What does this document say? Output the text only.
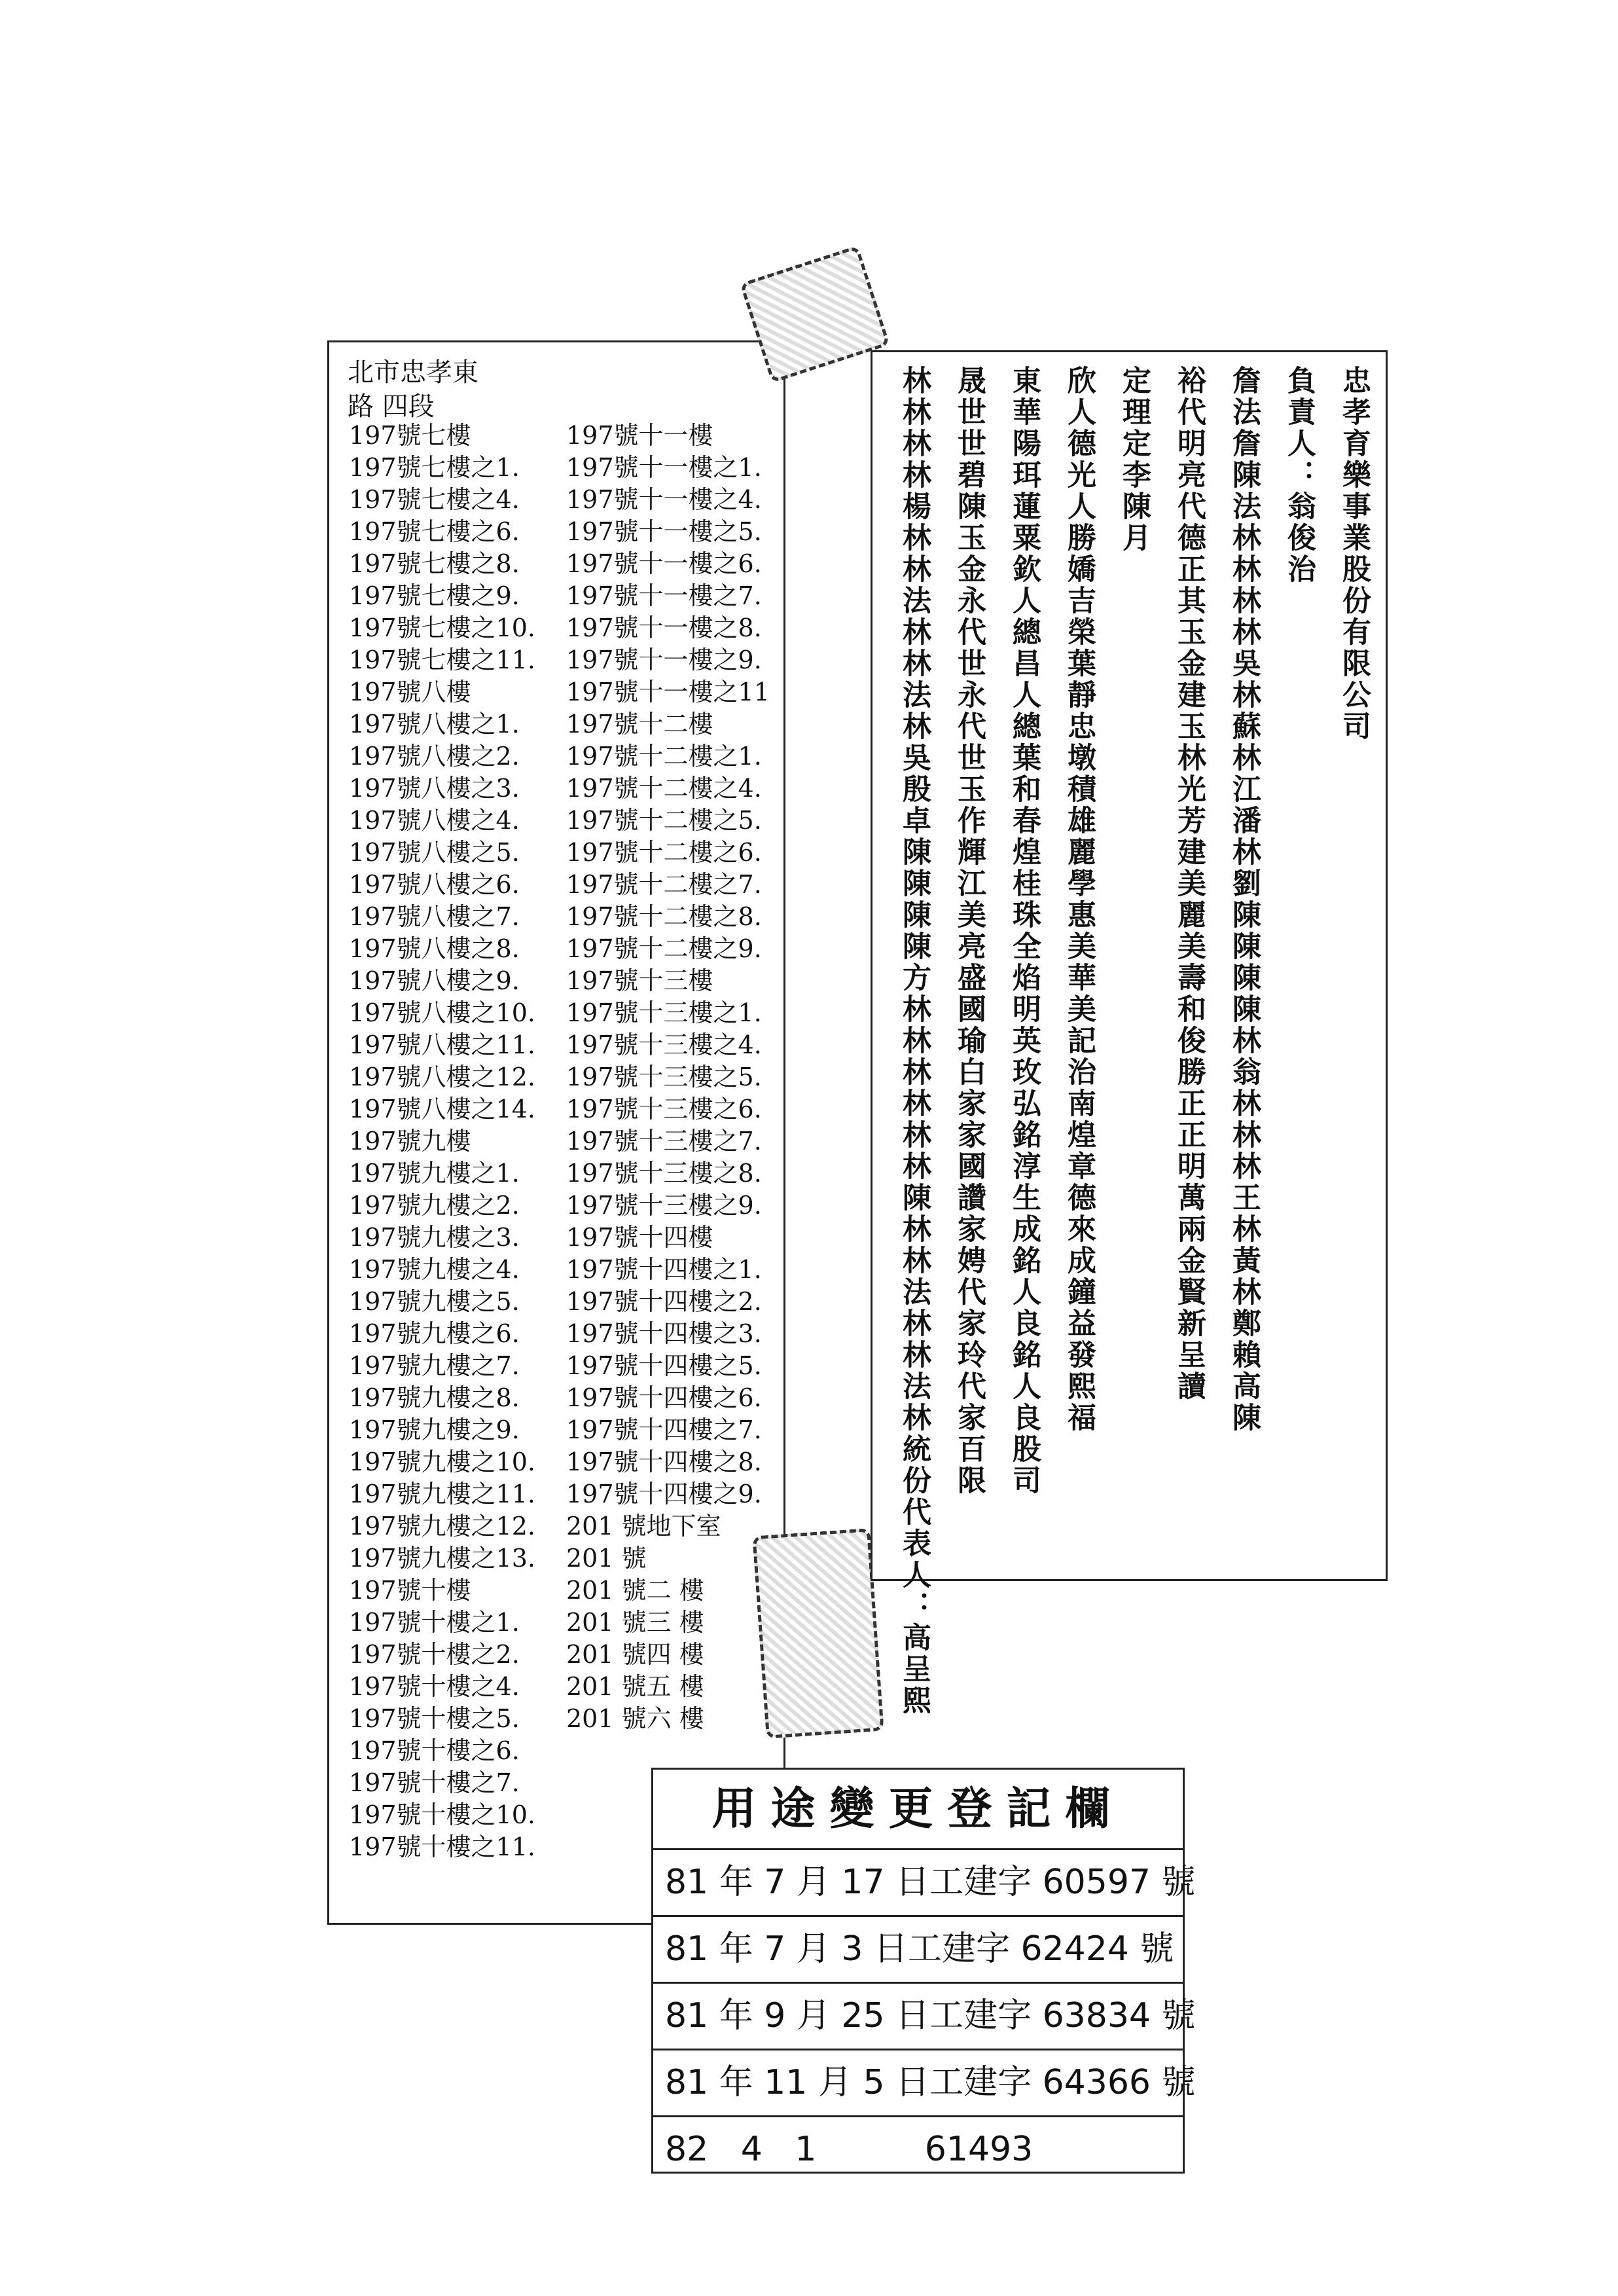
北市忠孝東
路 四段
197號七樓
197號七樓之1.
197號七樓之4.
197號七樓之6.
197號七樓之8.
197號七樓之9.
197號七樓之10.
197號七樓之11.
197號八樓
197號八樓之1.
197號八樓之2.
197號八樓之3.
197號八樓之4.
197號八樓之5.
197號八樓之6.
197號八樓之7.
197號八樓之8.
197號八樓之9.
197號八樓之10.
197號八樓之11.
197號八樓之12.
197號八樓之14.
197號九樓
197號九樓之1.
197號九樓之2.
197號九樓之3.
197號九樓之4.
197號九樓之5.
197號九樓之6.
197號九樓之7.
197號九樓之8.
197號九樓之9.
197號九樓之10.
197號九樓之11.
197號九樓之12.
197號九樓之13.
197號十樓
197號十樓之1.
197號十樓之2.
197號十樓之4.
197號十樓之5.
197號十樓之6.
197號十樓之7.
197號十樓之10.
197號十樓之11.
197號十一樓
197號十一樓之1.
197號十一樓之4.
197號十一樓之5.
197號十一樓之6.
197號十一樓之7.
197號十一樓之8.
197號十一樓之9.
197號十一樓之11
197號十二樓
197號十二樓之1.
197號十二樓之4.
197號十二樓之5.
197號十二樓之6.
197號十二樓之7.
197號十二樓之8.
197號十二樓之9.
197號十三樓
197號十三樓之1.
197號十三樓之4.
197號十三樓之5.
197號十三樓之6.
197號十三樓之7.
197號十三樓之8.
197號十三樓之9.
197號十四樓
197號十四樓之1.
197號十四樓之2.
197號十四樓之3.
197號十四樓之5.
197號十四樓之6.
197號十四樓之7.
197號十四樓之8.
197號十四樓之9.
201 號地下室
201 號
201 號二 樓
201 號三 樓
201 號四 樓
201 號五 樓
201 號六 樓
忠孝育樂事業股份有限公司
負責人：翁俊治
詹法詹陳法林林林林吳林蘇林江潘林劉陳陳陳陳林翁林林林王林黃林鄭賴高陳
裕代明亮代德正其玉金建玉林光芳建美麗美壽和俊勝正正明萬兩金賢新呈讀
定理定李陳月
欣人德光人勝嬌吉榮葉靜忠墩積雄麗學惠美華美記治南煌章德來成鐘益發熙福
東華陽珥蓮粟欽人總昌人總葉和春煌桂珠全焰明英玫弘銘淳生成銘人良銘人良股司
晟世世碧陳玉金永代世永代世玉作輝江美亮盛國瑜白家家國讚家娉代家玲代家百限
林林林林楊林林法林林法林吳殷卓陳陳陳陳方林林林林林林陳林林法林林法林統份代表人：高呈熙
用途變更登記欄
81 年 7 月 17 日工建字 60597 號
81 年 7 月 3 日工建字 62424 號
81 年 9 月 25 日工建字 63834 號
81 年 11 月 5 日工建字 64366 號
82   4   1          61493
